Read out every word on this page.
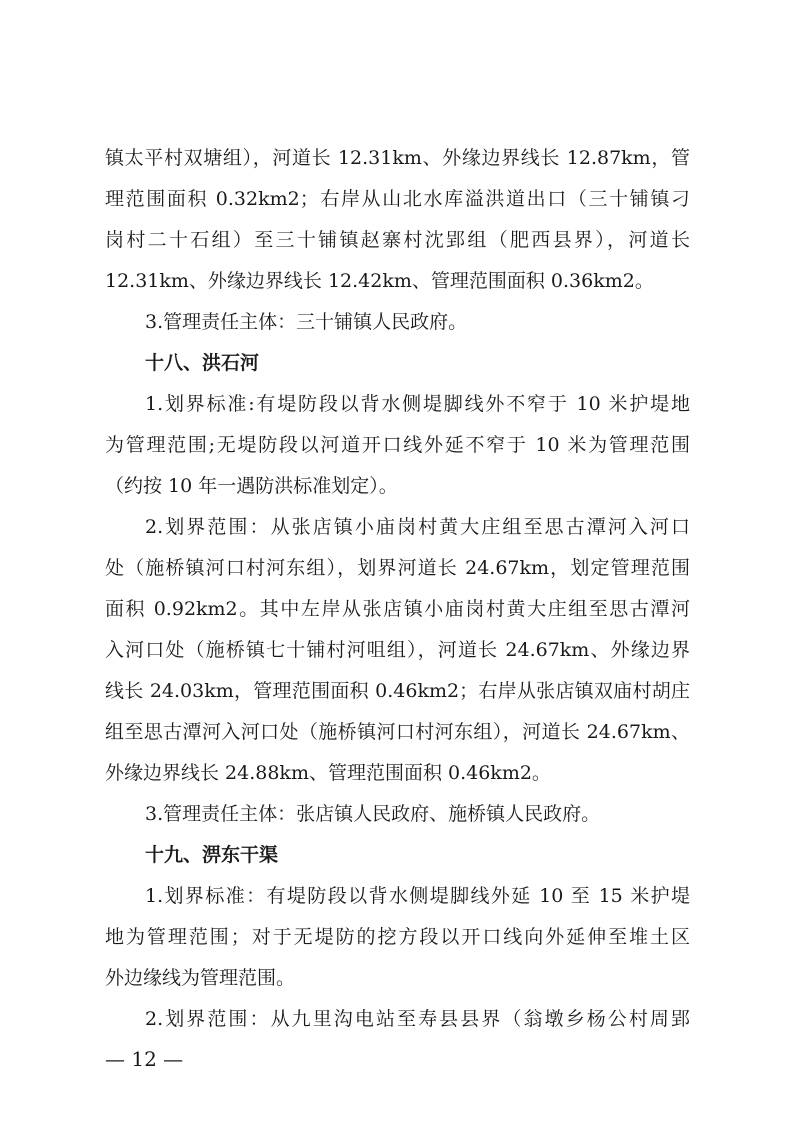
镇太平村双塘组），河道长 12.31km、外缘边界线长 12.87km，管
理范围面积 0.32km2；右岸从山北水库溢洪道出口（三十铺镇刁
岗村二十石组）至三十铺镇赵寨村沈郢组（肥西县界），河道长
12.31km、外缘边界线长 12.42km、管理范围面积 0.36km2。
3.管理责任主体：三十铺镇人民政府。
十八、洪石河
1.划界标准:有堤防段以背水侧堤脚线外不窄于 10 米护堤地
为管理范围;无堤防段以河道开口线外延不窄于 10 米为管理范围
（约按 10 年一遇防洪标准划定）。
2.划界范围：从张店镇小庙岗村黄大庄组至思古潭河入河口
处（施桥镇河口村河东组），划界河道长 24.67km，划定管理范围
面积 0.92km2。其中左岸从张店镇小庙岗村黄大庄组至思古潭河
入河口处（施桥镇七十铺村河咀组），河道长 24.67km、外缘边界
线长 24.03km，管理范围面积 0.46km2；右岸从张店镇双庙村胡庄
组至思古潭河入河口处（施桥镇河口村河东组），河道长 24.67km、
外缘边界线长 24.88km、管理范围面积 0.46km2。
3.管理责任主体：张店镇人民政府、施桥镇人民政府。
十九、淠东干渠
1.划界标准：有堤防段以背水侧堤脚线外延 10 至 15 米护堤
地为管理范围；对于无堤防的挖方段以开口线向外延伸至堆土区
外边缘线为管理范围。
2.划界范围：从九里沟电站至寿县县界（翁墩乡杨公村周郢
— 12 —
